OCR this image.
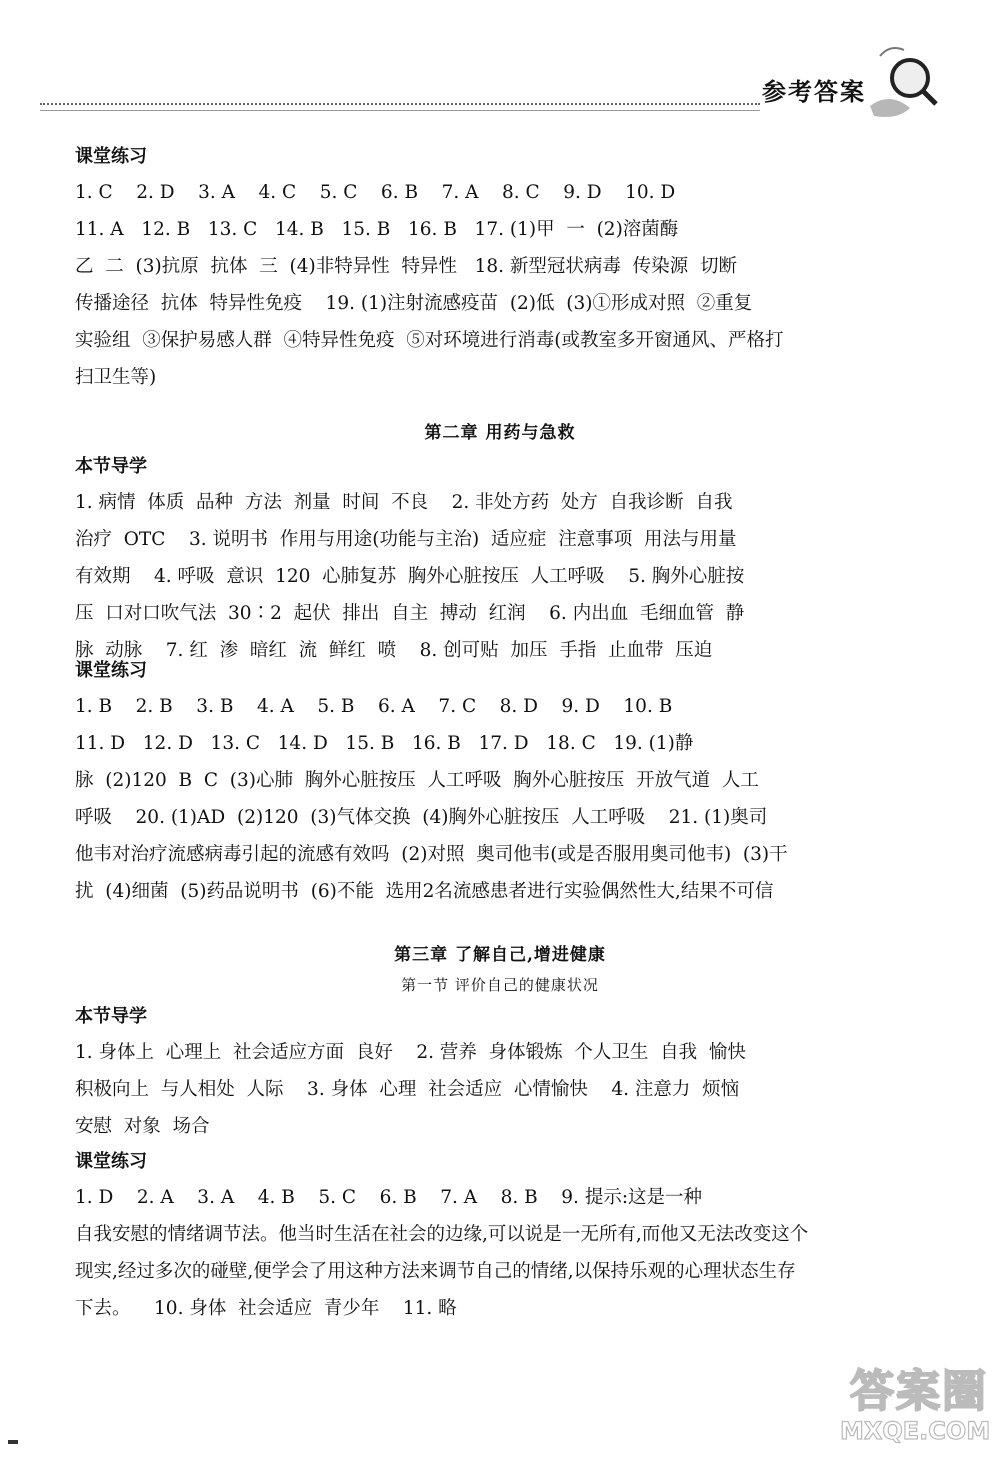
参考答案
课堂练习
1. C    2. D    3. A    4. C    5. C    6. B    7. A    8. C    9. D    10. D
11. A   12. B   13. C   14. B   15. B   16. B   17. (1)甲  一  (2)溶菌酶
乙  二  (3)抗原  抗体  三  (4)非特异性  特异性   18. 新型冠状病毒  传染源  切断
传播途径  抗体  特异性免疫    19. (1)注射流感疫苗  (2)低  (3)①形成对照  ②重复
实验组  ③保护易感人群  ④特异性免疫  ⑤对环境进行消毒(或教室多开窗通风、严格打
扫卫生等)
第二章 用药与急救
本节导学
1. 病情  体质  品种  方法  剂量  时间  不良    2. 非处方药  处方  自我诊断  自我
治疗  OTC    3. 说明书  作用与用途(功能与主治)  适应症  注意事项  用法与用量
有效期    4. 呼吸  意识  120  心肺复苏  胸外心脏按压  人工呼吸    5. 胸外心脏按
压  口对口吹气法  30∶2  起伏  排出  自主  搏动  红润    6. 内出血  毛细血管  静
脉  动脉    7. 红  渗  暗红  流  鲜红  喷    8. 创可贴  加压  手指  止血带  压迫
课堂练习
1. B    2. B    3. B    4. A    5. B    6. A    7. C    8. D    9. D    10. B
11. D   12. D   13. C   14. D   15. B   16. B   17. D   18. C   19. (1)静
脉  (2)120  B  C  (3)心肺  胸外心脏按压  人工呼吸  胸外心脏按压  开放气道  人工
呼吸    20. (1)AD  (2)120  (3)气体交换  (4)胸外心脏按压  人工呼吸    21. (1)奥司
他韦对治疗流感病毒引起的流感有效吗  (2)对照  奥司他韦(或是否服用奥司他韦)  (3)干
扰  (4)细菌  (5)药品说明书  (6)不能  选用2名流感患者进行实验偶然性大,结果不可信
第三章 了解自己,增进健康
第一节 评价自己的健康状况
本节导学
1. 身体上  心理上  社会适应方面  良好    2. 营养  身体锻炼  个人卫生  自我  愉快
积极向上  与人相处  人际    3. 身体  心理  社会适应  心情愉快    4. 注意力  烦恼
安慰  对象  场合
课堂练习
1. D    2. A    3. A    4. B    5. C    6. B    7. A    8. B    9. 提示:这是一种
自我安慰的情绪调节法。他当时生活在社会的边缘,可以说是一无所有,而他又无法改变这个
现实,经过多次的碰壁,便学会了用这种方法来调节自己的情绪,以保持乐观的心理状态生存
下去。    10. 身体  社会适应  青少年    11. 略
答案圈
MXQE.COM
